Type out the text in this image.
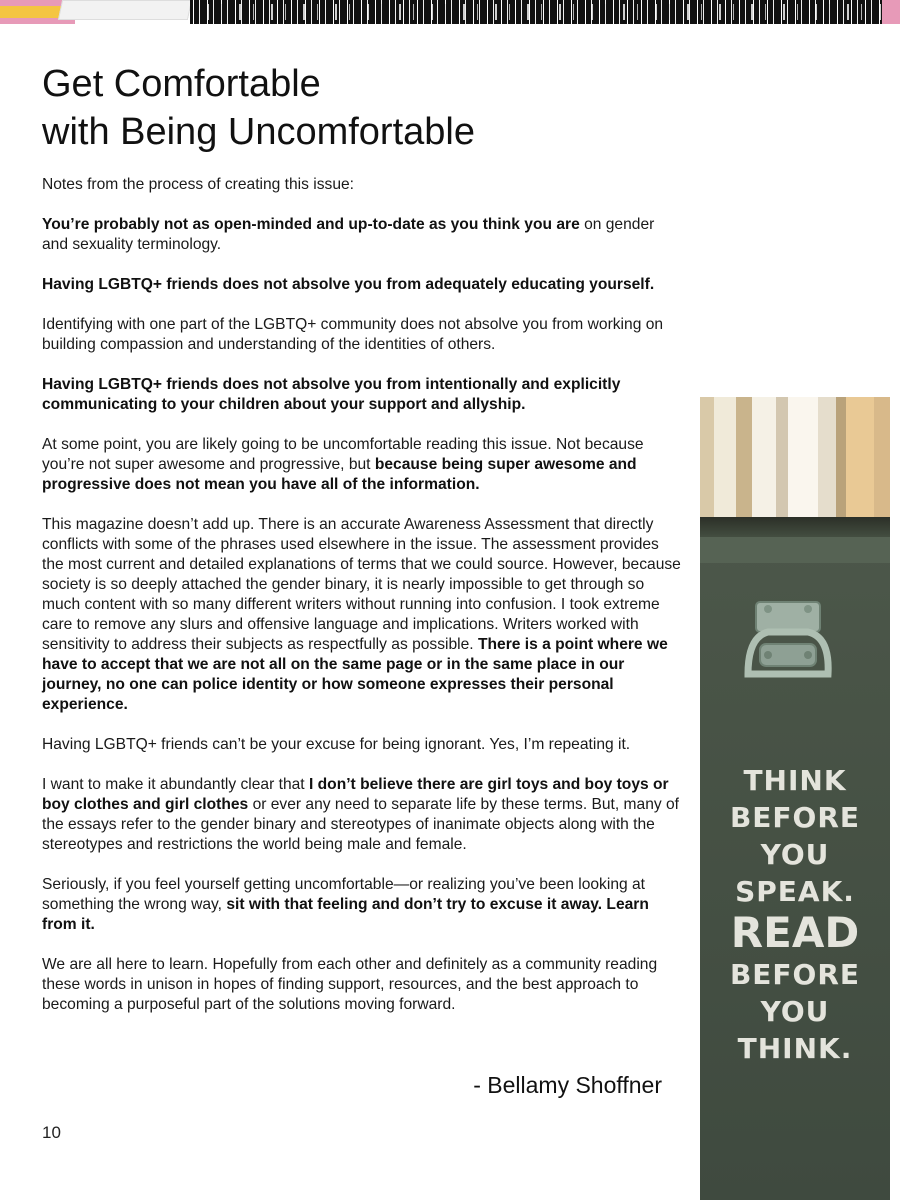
Get Comfortable
with Being Uncomfortable

Notes from the process of creating this issue:

You’re probably not as open-minded and up-to-date as you think you are on gender and sexuality terminology.

Having LGBTQ+ friends does not absolve you from adequately educating yourself.

Identifying with one part of the LGBTQ+ community does not absolve you from working on building compassion and understanding of the identities of others.

Having LGBTQ+ friends does not absolve you from intentionally and explicitly communicating to your children about your support and allyship.

At some point, you are likely going to be uncomfortable reading this issue. Not because you’re not super awesome and progressive, but because being super awesome and progressive does not mean you have all of the information.

This magazine doesn’t add up. There is an accurate Awareness Assessment that directly conflicts with some of the phrases used elsewhere in the issue. The assessment provides the most current and detailed explanations of terms that we could source. However, because society is so deeply attached the gender binary, it is nearly impossible to get through so much content with so many different writers without running into confusion. I took extreme care to remove any slurs and offensive language and implications. Writers worked with sensitivity to address their subjects as respectfully as possible. There is a point where we have to accept that we are not all on the same page or in the same place in our journey, no one can police identity or how someone expresses their personal experience.

Having LGBTQ+ friends can’t be your excuse for being ignorant. Yes, I’m repeating it.

I want to make it abundantly clear that I don’t believe there are girl toys and boy toys or boy clothes and girl clothes or ever any need to separate life by these terms. But, many of the essays refer to the gender binary and stereotypes of inanimate objects along with the stereotypes and restrictions the world being male and female.

Seriously, if you feel yourself getting uncomfortable—or realizing you’ve been looking at something the wrong way, sit with that feeling and don’t try to excuse it away. Learn from it.

We are all here to learn. Hopefully from each other and definitely as a community reading these words in unison in hopes of finding support, resources, and the best approach to becoming a purposeful part of the solutions moving forward.

- Bellamy Shoffner
10
THINK
BEFORE
YOU
SPEAK.
READ
BEFORE
YOU
THINK.
